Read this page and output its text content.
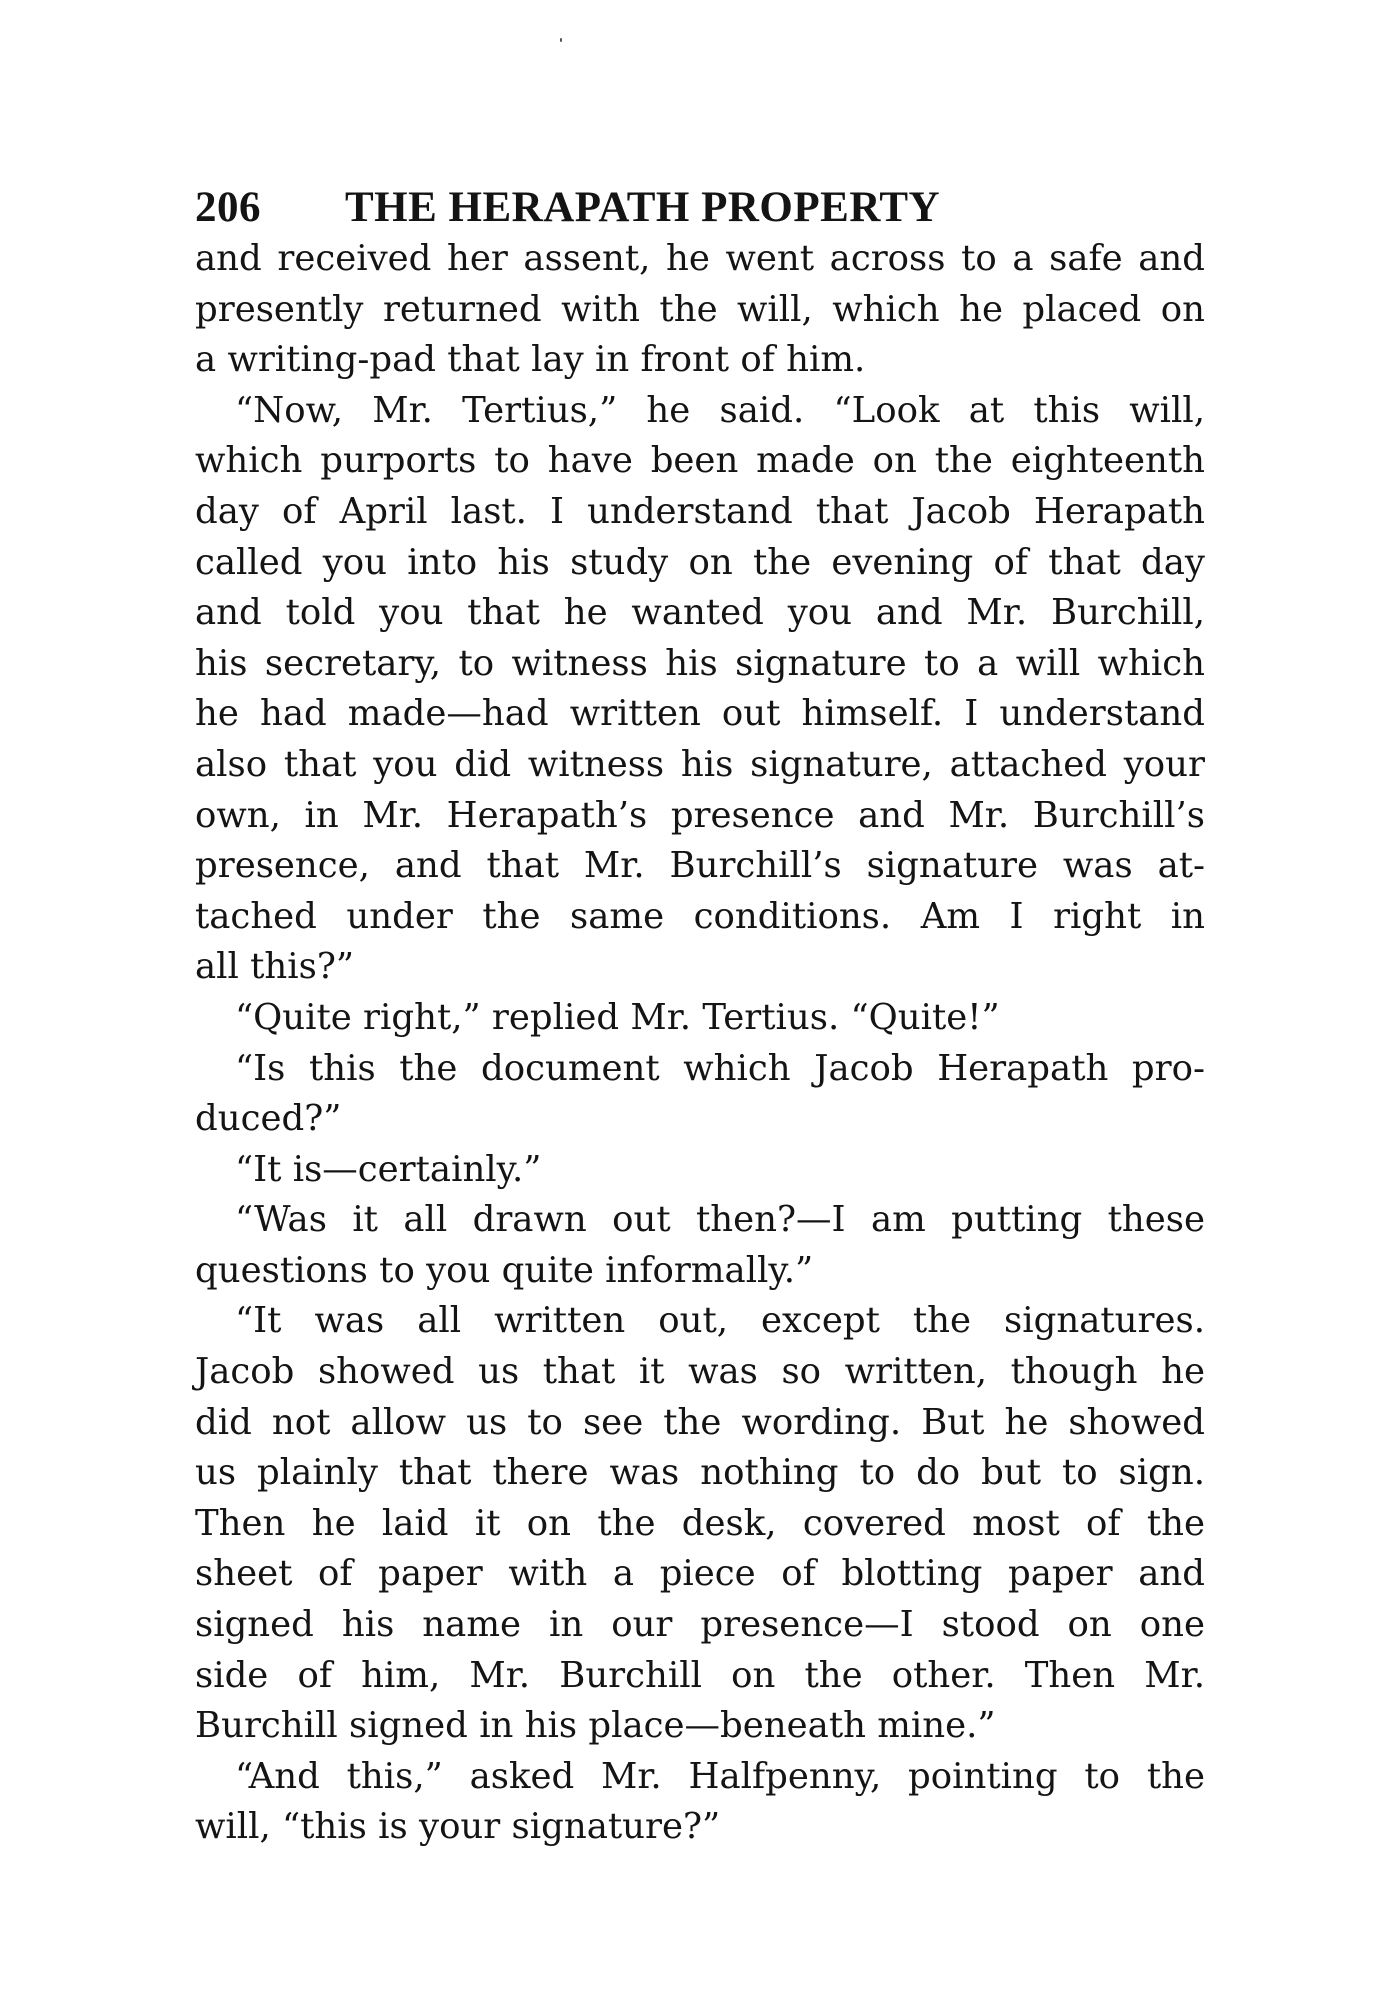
206 THE HERAPATH PROPERTY
and received her assent, he went across to a safe and
presently returned with the will, which he placed on
a writing-pad that lay in front of him.
“Now, Mr. Tertius,” he said. “Look at this will,
which purports to have been made on the eighteenth
day of April last. I understand that Jacob Herapath
called you into his study on the evening of that day
and told you that he wanted you and Mr. Burchill,
his secretary, to witness his signature to a will which
he had made—had written out himself. I understand
also that you did witness his signature, attached your
own, in Mr. Herapath’s presence and Mr. Burchill’s
presence, and that Mr. Burchill’s signature was at-
tached under the same conditions. Am I right in
all this?”
“Quite right,” replied Mr. Tertius. “Quite!”
“Is this the document which Jacob Herapath pro-
duced?”
“It is—certainly.”
“Was it all drawn out then?—I am putting these
questions to you quite informally.”
“It was all written out, except the signatures.
Jacob showed us that it was so written, though he
did not allow us to see the wording. But he showed
us plainly that there was nothing to do but to sign.
Then he laid it on the desk, covered most of the
sheet of paper with a piece of blotting paper and
signed his name in our presence—I stood on one
side of him, Mr. Burchill on the other. Then Mr.
Burchill signed in his place—beneath mine.”
“And this,” asked Mr. Halfpenny, pointing to the
will, “this is your signature?”
